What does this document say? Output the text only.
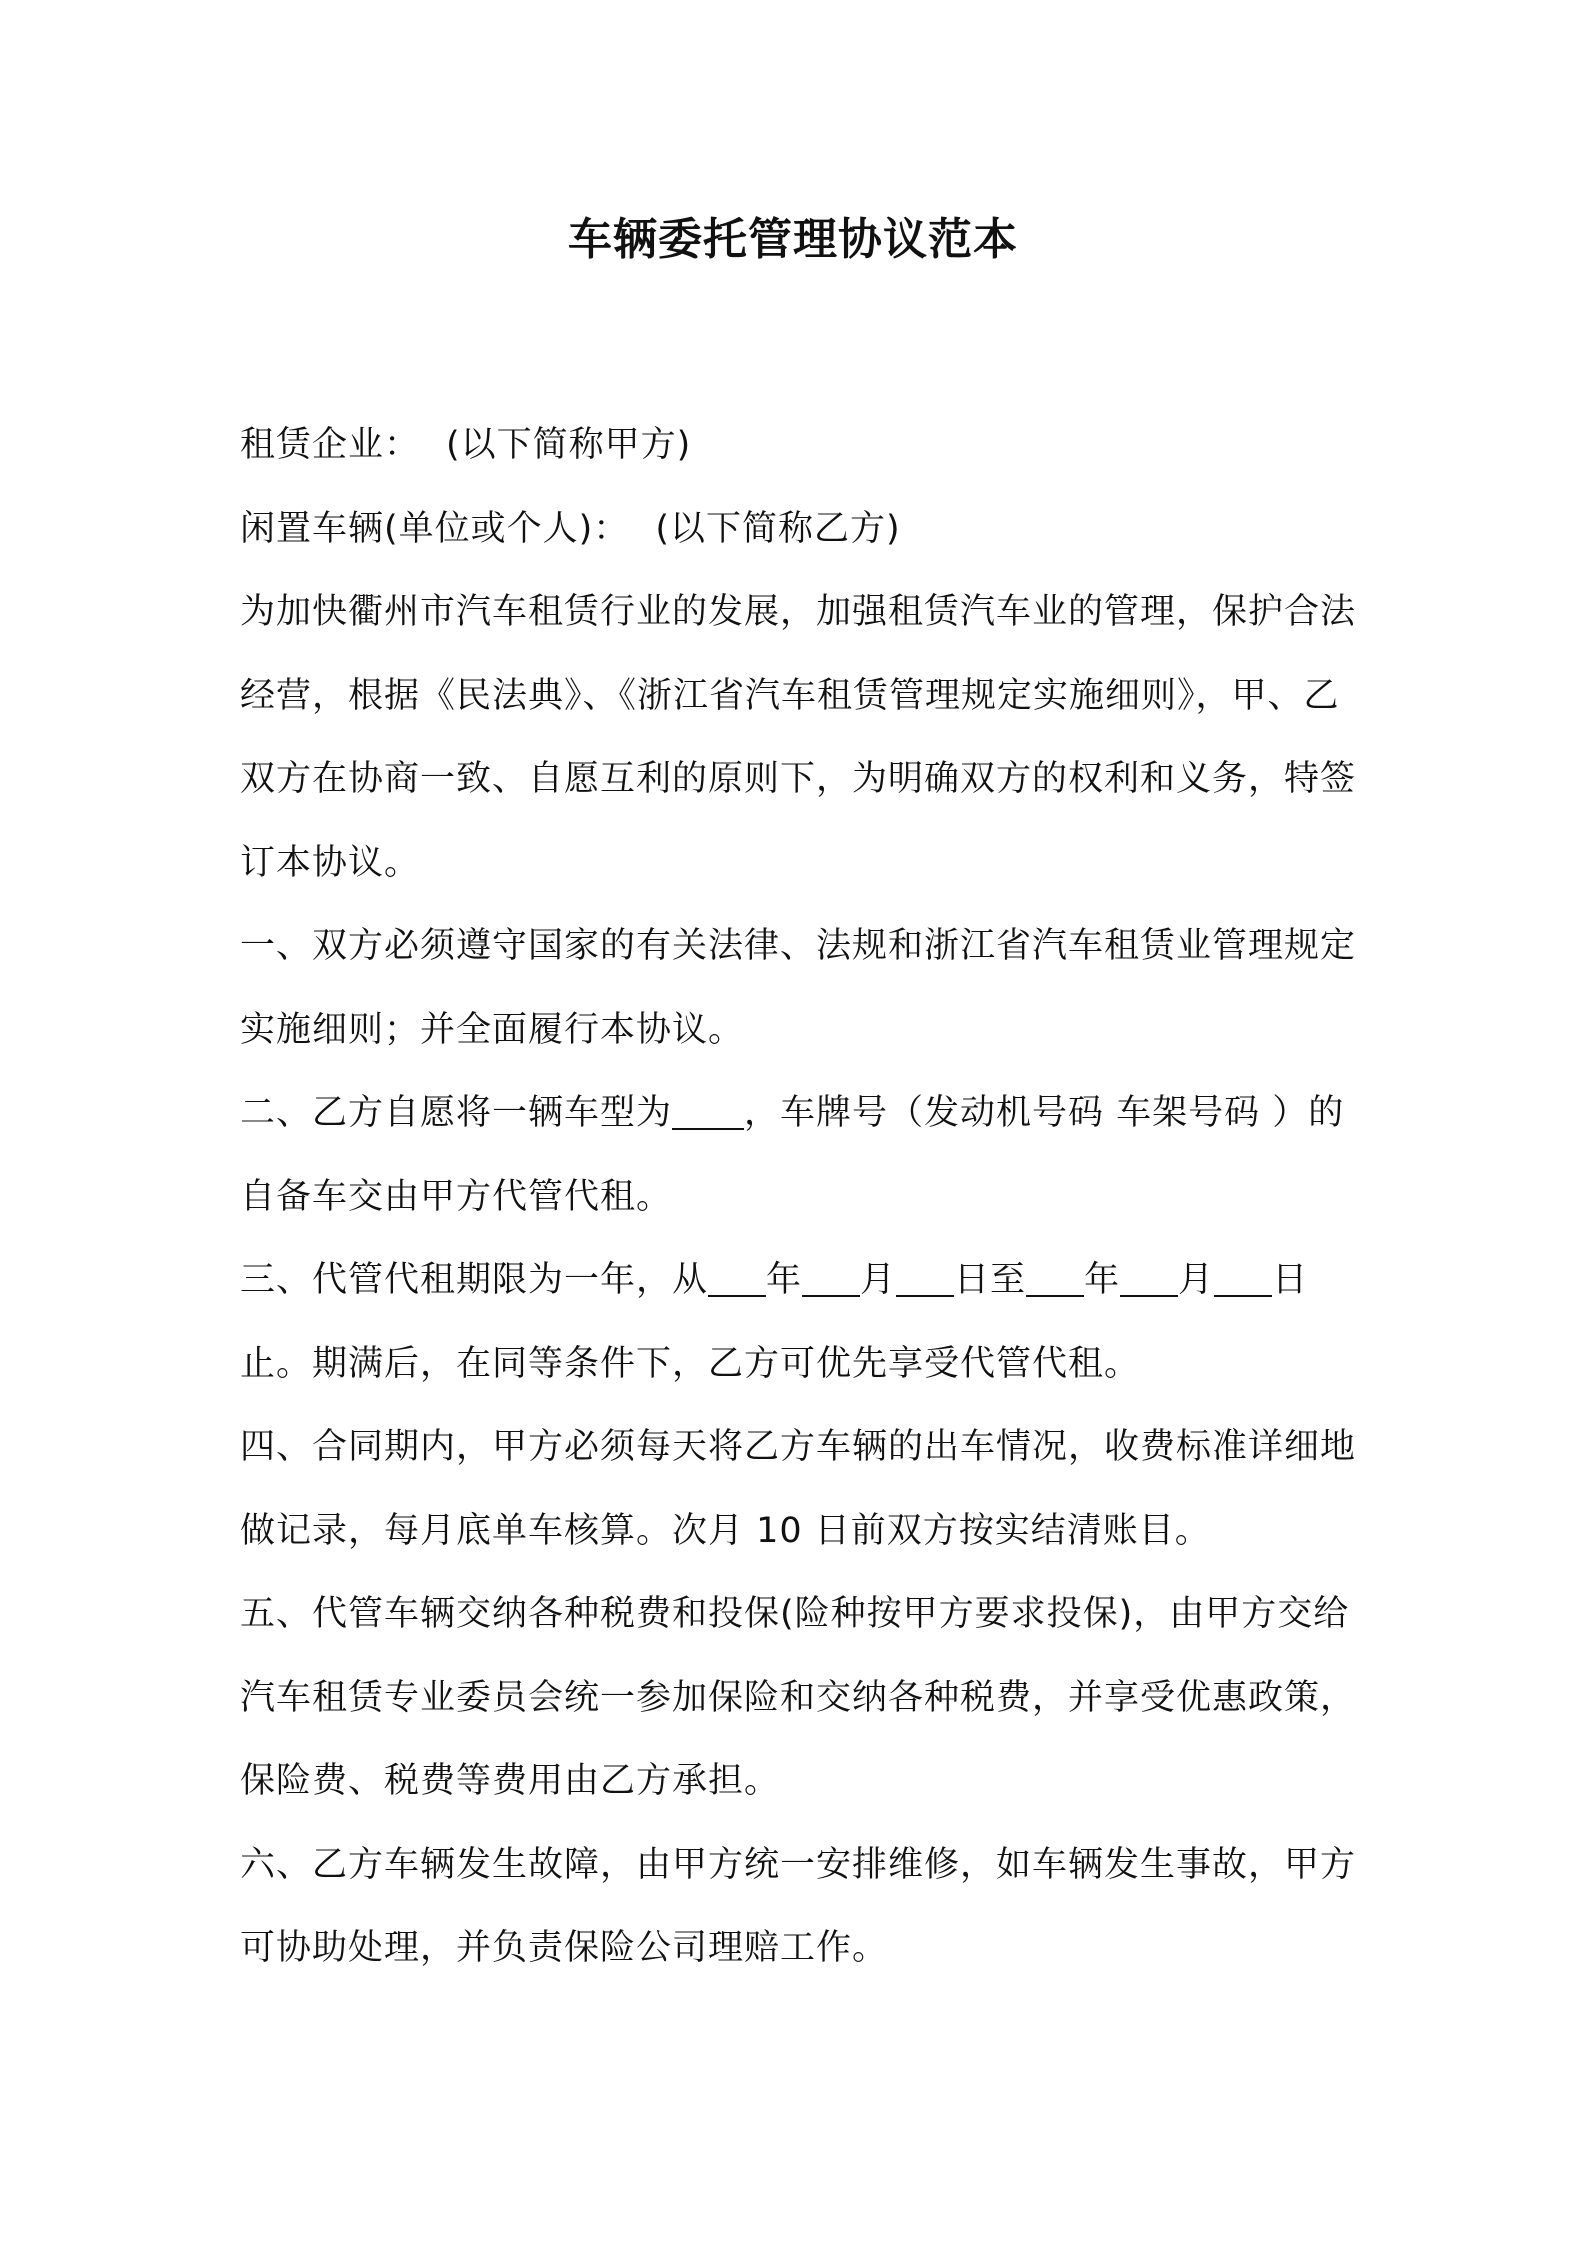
车辆委托管理协议范本

租赁企业： (以下简称甲方)

闲置车辆(单位或个人)： (以下简称乙方)

为加快衢州市汽车租赁行业的发展，加强租赁汽车业的管理，保护合法经营，根据《民法典》、《浙江省汽车租赁管理规定实施细则》，甲、乙双方在协商一致、自愿互利的原则下，为明确双方的权利和义务，特签订本协议。

一、双方必须遵守国家的有关法律、法规和浙江省汽车租赁业管理规定实施细则；并全面履行本协议。

二、乙方自愿将一辆车型为 ，车牌号（发动机号码 车架号码 ）的自备车交由甲方代管代租。

三、代管代租期限为一年，从 年 月 日至 年 月 日止。期满后，在同等条件下，乙方可优先享受代管代租。

四、合同期内，甲方必须每天将乙方车辆的出车情况，收费标准详细地做记录，每月底单车核算。次月 10 日前双方按实结清账目。

五、代管车辆交纳各种税费和投保(险种按甲方要求投保)，由甲方交给汽车租赁专业委员会统一参加保险和交纳各种税费，并享受优惠政策，保险费、税费等费用由乙方承担。

六、乙方车辆发生故障，由甲方统一安排维修，如车辆发生事故，甲方可协助处理，并负责保险公司理赔工作。
